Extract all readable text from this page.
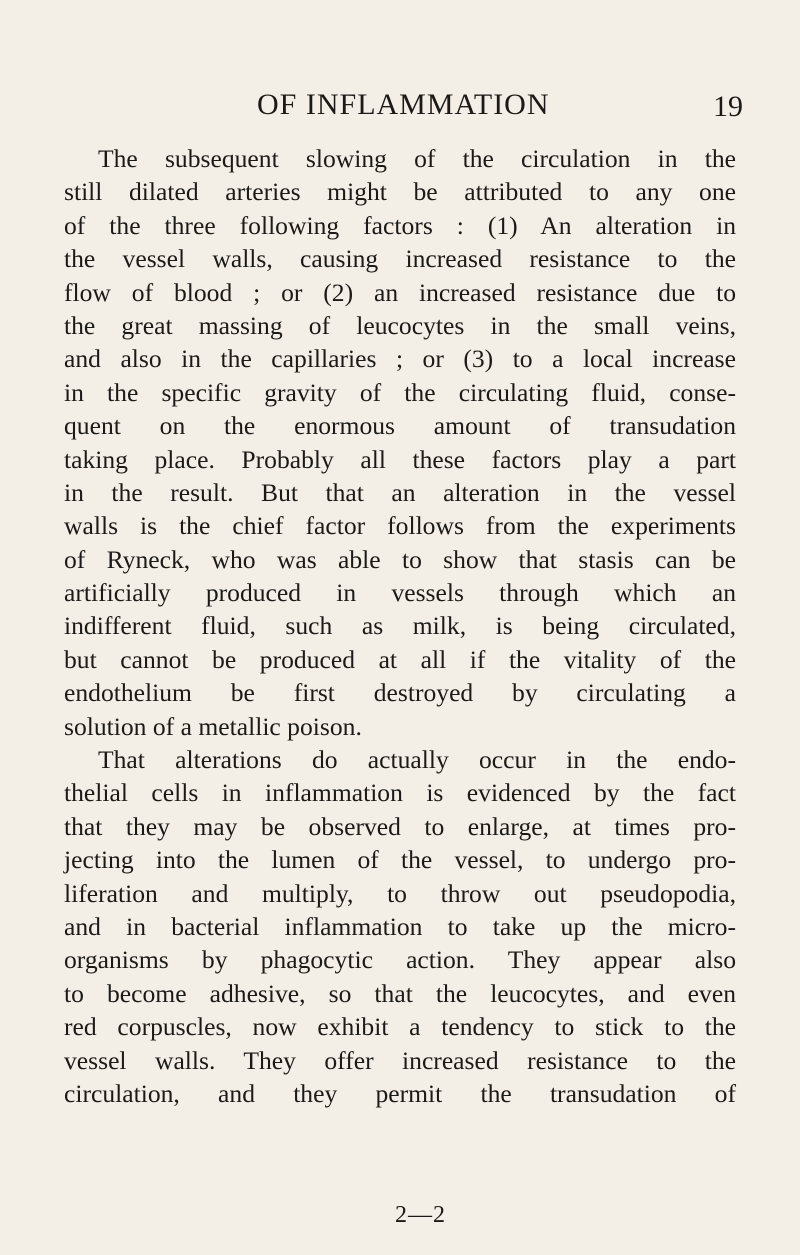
OF INFLAMMATION	19
The subsequent slowing of the circulation in the
still dilated arteries might be attributed to any one
of the three following factors : (1) An alteration in
the vessel walls, causing increased resistance to the
flow of blood ; or (2) an increased resistance due to
the great massing of leucocytes in the small veins,
and also in the capillaries ; or (3) to a local increase
in the specific gravity of the circulating fluid, conse-
quent on the enormous amount of transudation
taking place. Probably all these factors play a part
in the result. But that an alteration in the vessel
walls is the chief factor follows from the experiments
of Ryneck, who was able to show that stasis can be
artificially produced in vessels through which an
indifferent fluid, such as milk, is being circulated,
but cannot be produced at all if the vitality of the
endothelium be first destroyed by circulating a
solution of a metallic poison.
That alterations do actually occur in the endo-
thelial cells in inflammation is evidenced by the fact
that they may be observed to enlarge, at times pro-
jecting into the lumen of the vessel, to undergo pro-
liferation and multiply, to throw out pseudopodia,
and in bacterial inflammation to take up the micro-
organisms by phagocytic action. They appear also
to become adhesive, so that the leucocytes, and even
red corpuscles, now exhibit a tendency to stick to the
vessel walls. They offer increased resistance to the
circulation, and they permit the transudation of
2—2
